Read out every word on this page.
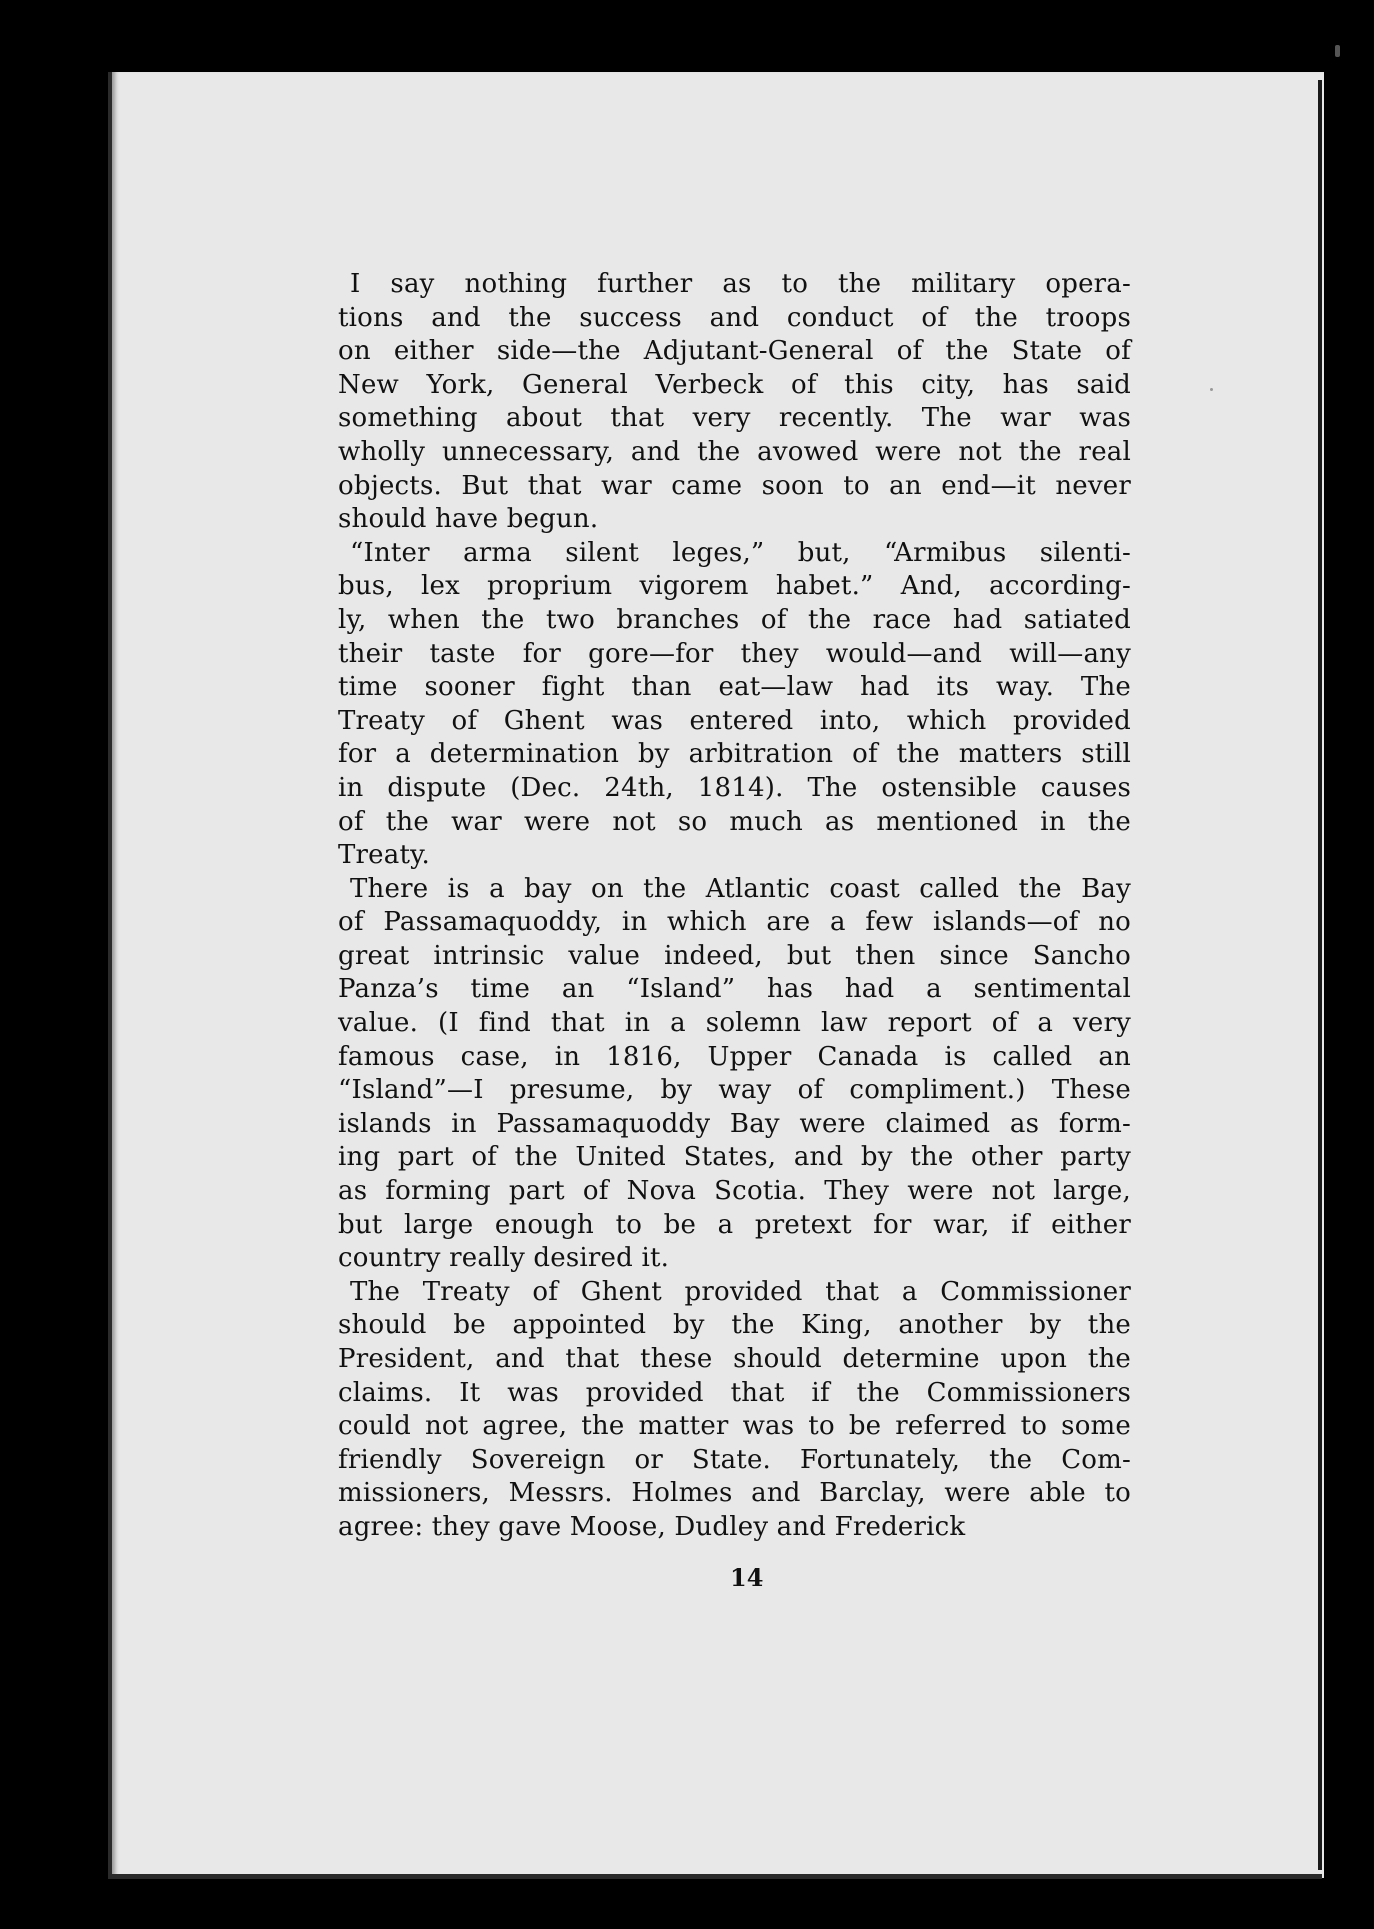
I say nothing further as to the military opera-
tions and the success and conduct of the troops
on either side—the Adjutant-General of the State of
New York, General Verbeck of this city, has said
something about that very recently. The war was
wholly unnecessary, and the avowed were not the real
objects. But that war came soon to an end—it never
should have begun.
“Inter arma silent leges,” but, “Armibus silenti-
bus, lex proprium vigorem habet.” And, according-
ly, when the two branches of the race had satiated
their taste for gore—for they would—and will—any
time sooner fight than eat—law had its way. The
Treaty of Ghent was entered into, which provided
for a determination by arbitration of the matters still
in dispute (Dec. 24th, 1814). The ostensible causes
of the war were not so much as mentioned in the
Treaty.
There is a bay on the Atlantic coast called the Bay
of Passamaquoddy, in which are a few islands—of no
great intrinsic value indeed, but then since Sancho
Panza’s time an “Island” has had a sentimental
value. (I find that in a solemn law report of a very
famous case, in 1816, Upper Canada is called an
“Island”—I presume, by way of compliment.) These
islands in Passamaquoddy Bay were claimed as form-
ing part of the United States, and by the other party
as forming part of Nova Scotia. They were not large,
but large enough to be a pretext for war, if either
country really desired it.
The Treaty of Ghent provided that a Commissioner
should be appointed by the King, another by the
President, and that these should determine upon the
claims. It was provided that if the Commissioners
could not agree, the matter was to be referred to some
friendly Sovereign or State. Fortunately, the Com-
missioners, Messrs. Holmes and Barclay, were able to
agree: they gave Moose, Dudley and Frederick
14
